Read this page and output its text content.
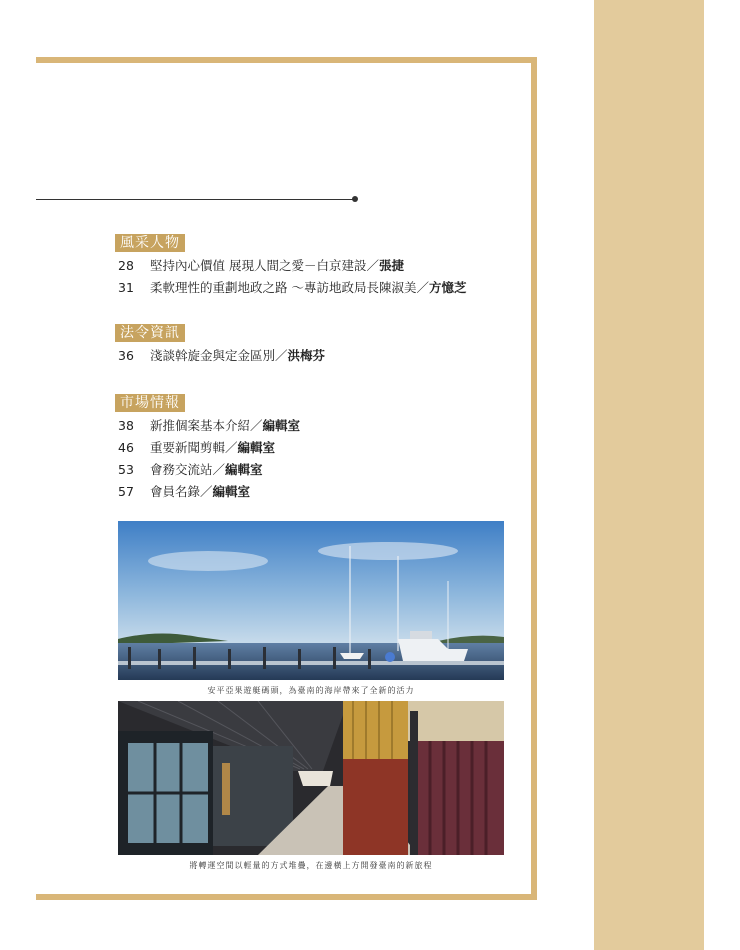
風采人物
28 堅持內心價值 展現人間之愛－白京建設／張捷
31 柔軟理性的重劃地政之路 ～專訪地政局長陳淑美／方憶芝
法令資訊
36 淺談斡旋金與定金區別／洪梅芬
市場情報
38 新推個案基本介紹／編輯室
46 重要新聞剪輯／編輯室
53 會務交流站／編輯室
57 會員名錄／編輯室
安平亞果遊艇碼頭，為臺南的海岸帶來了全新的活力
將轉運空間以輕量的方式堆疊，在邊橫上方開發臺南的新旅程
